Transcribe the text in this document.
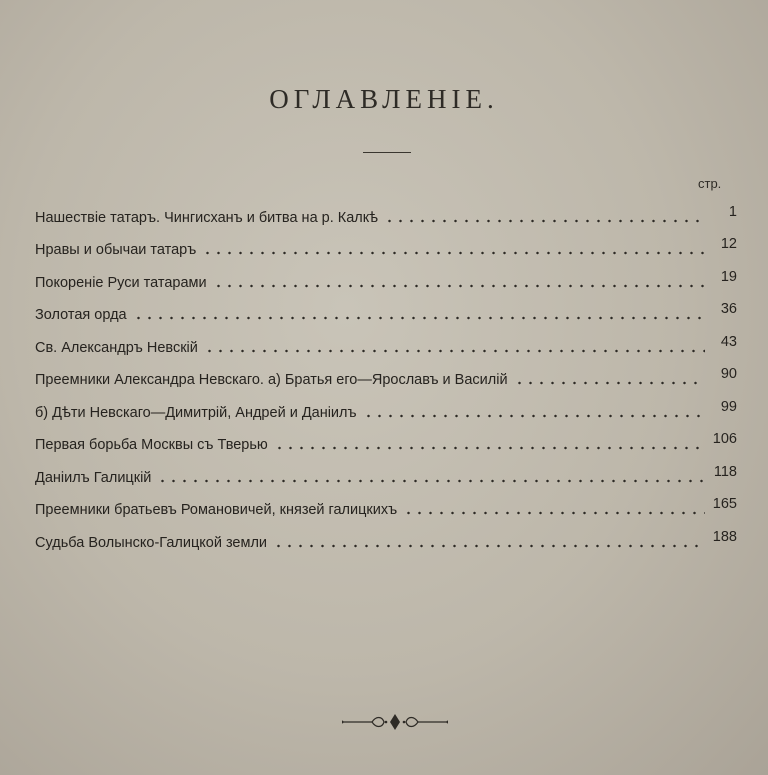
ОГЛАВЛЕНІЕ.
стр.
Нашествіе татаръ. Чингисханъ и битва на р. Калкѣ	1
Нравы и обычаи татаръ	12
Покореніе Руси татарами	19
Золотая орда	36
Св. Александръ Невскій	43
Преемники Александра Невскаго. а) Братья его—Ярославъ и Василій	90
б) Дѣти Невскаго—Димитрій, Андрей и Даніилъ	99
Первая борьба Москвы съ Тверью	106
Даніилъ Галицкій	118
Преемники братьевъ Романовичей, князей галицкихъ	165
Судьба Волынско-Галицкой земли	188
